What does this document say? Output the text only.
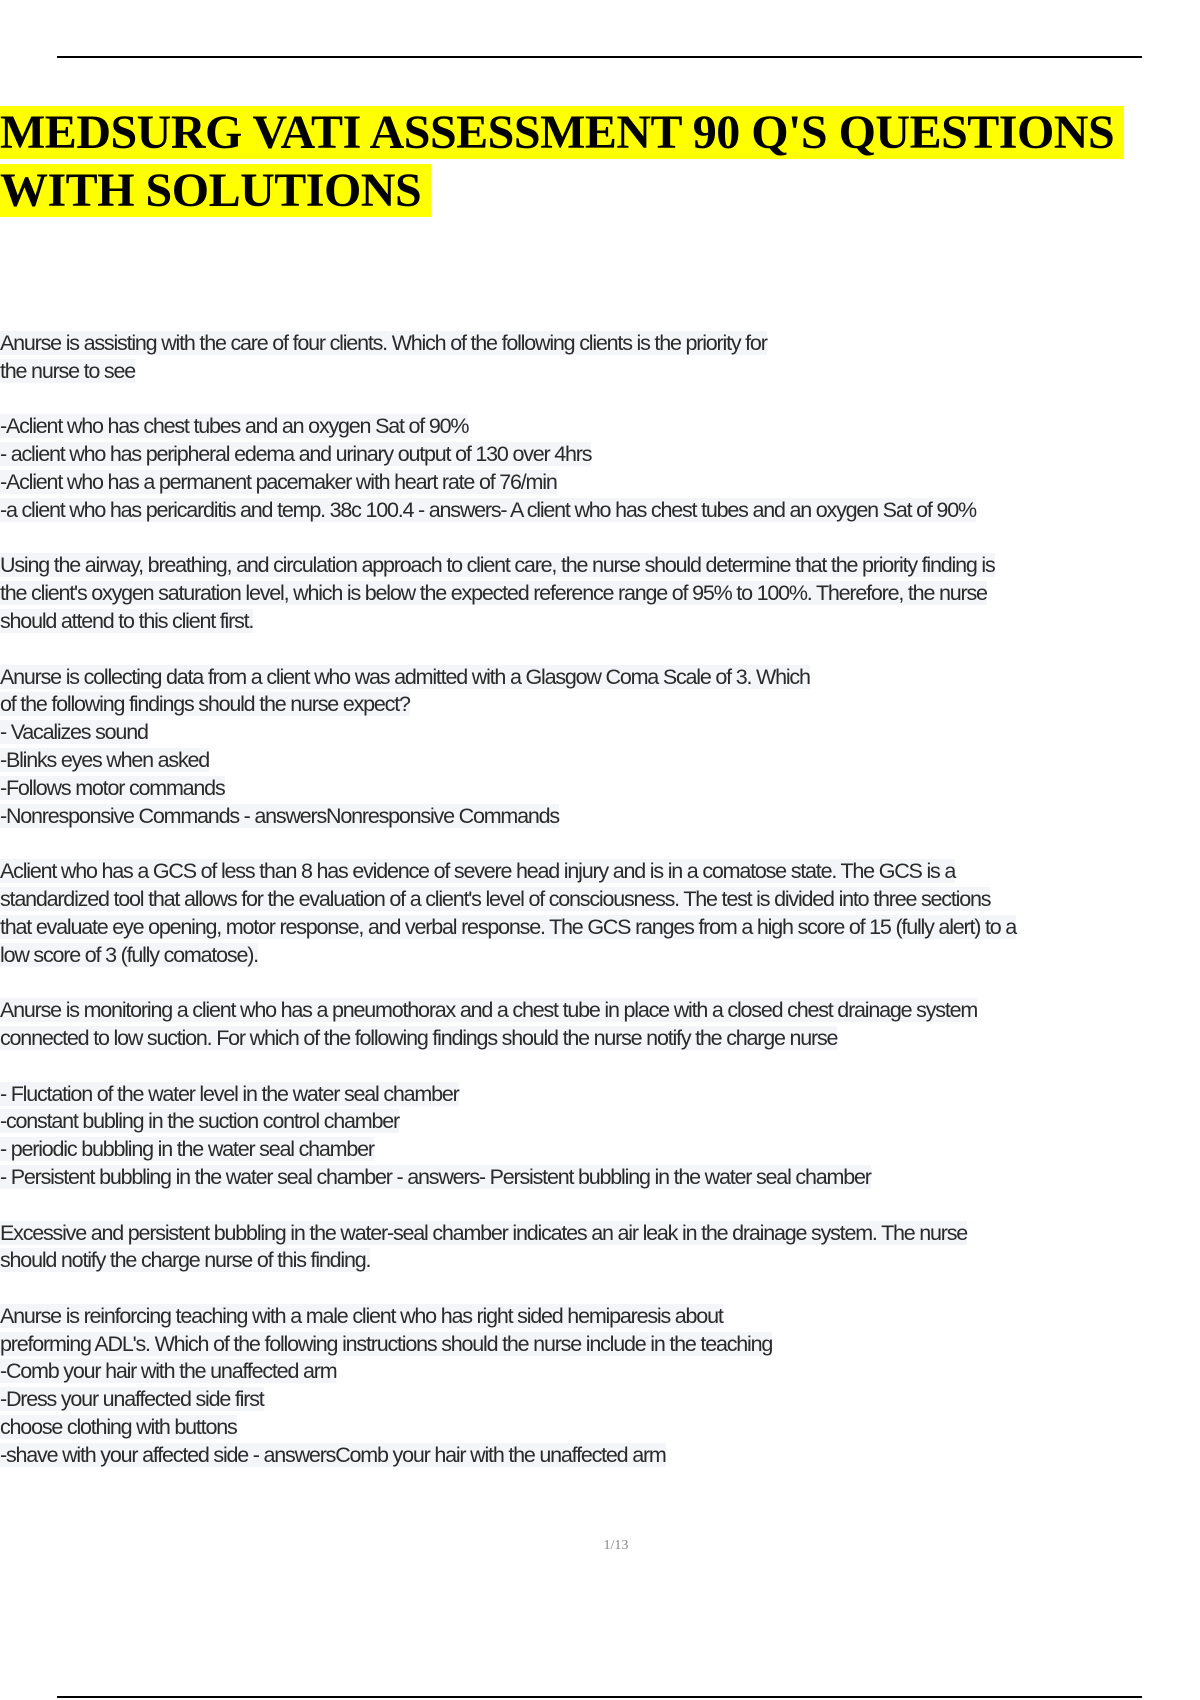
MEDSURG VATI ASSESSMENT 90 Q'S QUESTIONS
WITH SOLUTIONS
Anurse is assisting with the care of four clients. Which of the following clients is the priority for
the nurse to see
-Aclient who has chest tubes and an oxygen Sat of 90%
- aclient who has peripheral edema and urinary output of 130 over 4hrs
-Aclient who has a permanent pacemaker with heart rate of 76/min
-a client who has pericarditis and temp. 38c 100.4 - answers- A client who has chest tubes and an oxygen Sat of 90%
Using the airway, breathing, and circulation approach to client care, the nurse should determine that the priority finding is
the client's oxygen saturation level, which is below the expected reference range of 95% to 100%. Therefore, the nurse
should attend to this client first.
Anurse is collecting data from a client who was admitted with a Glasgow Coma Scale of 3. Which
of the following findings should the nurse expect?
- Vacalizes sound
-Blinks eyes when asked
-Follows motor commands
-Nonresponsive Commands - answersNonresponsive Commands
Aclient who has a GCS of less than 8 has evidence of severe head injury and is in a comatose state. The GCS is a
standardized tool that allows for the evaluation of a client's level of consciousness. The test is divided into three sections
that evaluate eye opening, motor response, and verbal response. The GCS ranges from a high score of 15 (fully alert) to a
low score of 3 (fully comatose).
Anurse is monitoring a client who has a pneumothorax and a chest tube in place with a closed chest drainage system
connected to low suction. For which of the following findings should the nurse notify the charge nurse
- Fluctation of the water level in the water seal chamber
-constant bubling in the suction control chamber
- periodic bubbling in the water seal chamber
- Persistent bubbling in the water seal chamber - answers- Persistent bubbling in the water seal chamber
Excessive and persistent bubbling in the water-seal chamber indicates an air leak in the drainage system. The nurse
should notify the charge nurse of this finding.
Anurse is reinforcing teaching with a male client who has right sided hemiparesis about
preforming ADL's. Which of the following instructions should the nurse include in the teaching
-Comb your hair with the unaffected arm
-Dress your unaffected side first
choose clothing with buttons
-shave with your affected side - answersComb your hair with the unaffected arm
1/13
